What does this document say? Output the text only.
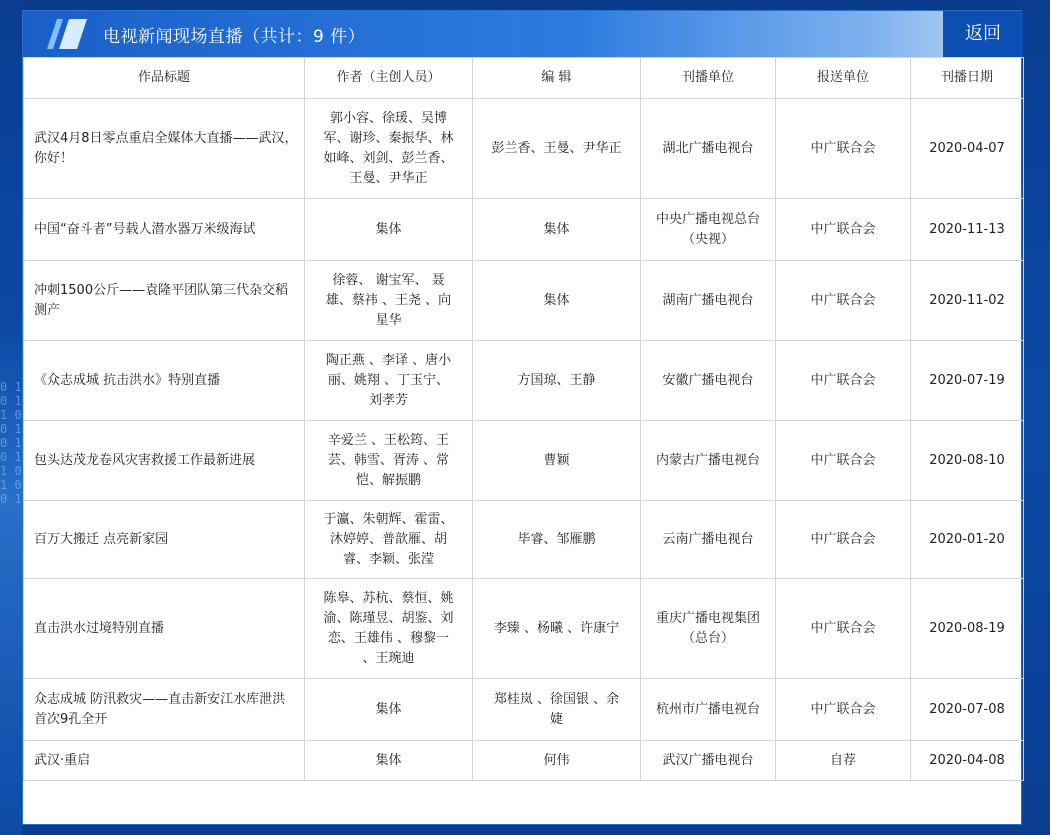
0 1 0 1 1 0 0 1 0 1 0 1 1 0 1 0 0 1
电视新闻现场直播（共计：9 件）	返回
作品标题	作者（主创人员）	编 辑	刊播单位	报送单位	刊播日期
武汉4月8日零点重启全媒体大直播——武汉，你好！	郭小容、徐瑗、吴博
军、谢珍、秦振华、林
如峰、刘剑、彭兰香、
王曼、尹华正	彭兰香、王曼、尹华正	湖北广播电视台	中广联合会	2020-04-07
中国“奋斗者”号载人潜水器万米级海试	集体	集体	中央广播电视总台
（央视）	中广联合会	2020-11-13
冲刺1500公斤——袁隆平团队第三代杂交稻测产	徐蓉、 谢宝军、 聂
雄、蔡祎 、王尧 、向
星华	集体	湖南广播电视台	中广联合会	2020-11-02
《众志成城 抗击洪水》特别直播	陶正燕 、李译 、唐小
丽、姚翔 、丁玉宁、
刘孝芳	方国琼、王静	安徽广播电视台	中广联合会	2020-07-19
包头达茂龙卷风灾害救援工作最新进展	辛爱兰 、王松筠、王
芸、韩雪、胥涛 、常
恺、解振鹏	曹颖	内蒙古广播电视台	中广联合会	2020-08-10
百万大搬迁 点亮新家园	于瀛、朱朝辉、霍雷、
沐婷婷、普歆雁、胡
睿、李颖、张滢	毕睿、邹雁鹏	云南广播电视台	中广联合会	2020-01-20
直击洪水过境特别直播	陈皋、苏杭、蔡恒、姚
渝、陈瑾昱、胡鉴、刘
恋、王雄伟 、穆黎一
、王琬迪	李臻 、杨曦 、许康宁	重庆广播电视集团
（总台）	中广联合会	2020-08-19
众志成城 防汛救灾——直击新安江水库泄洪首次9孔全开	集体	郑桂岚 、徐国银 、余
婕	杭州市广播电视台	中广联合会	2020-07-08
武汉·重启	集体	何伟	武汉广播电视台	自荐	2020-04-08
